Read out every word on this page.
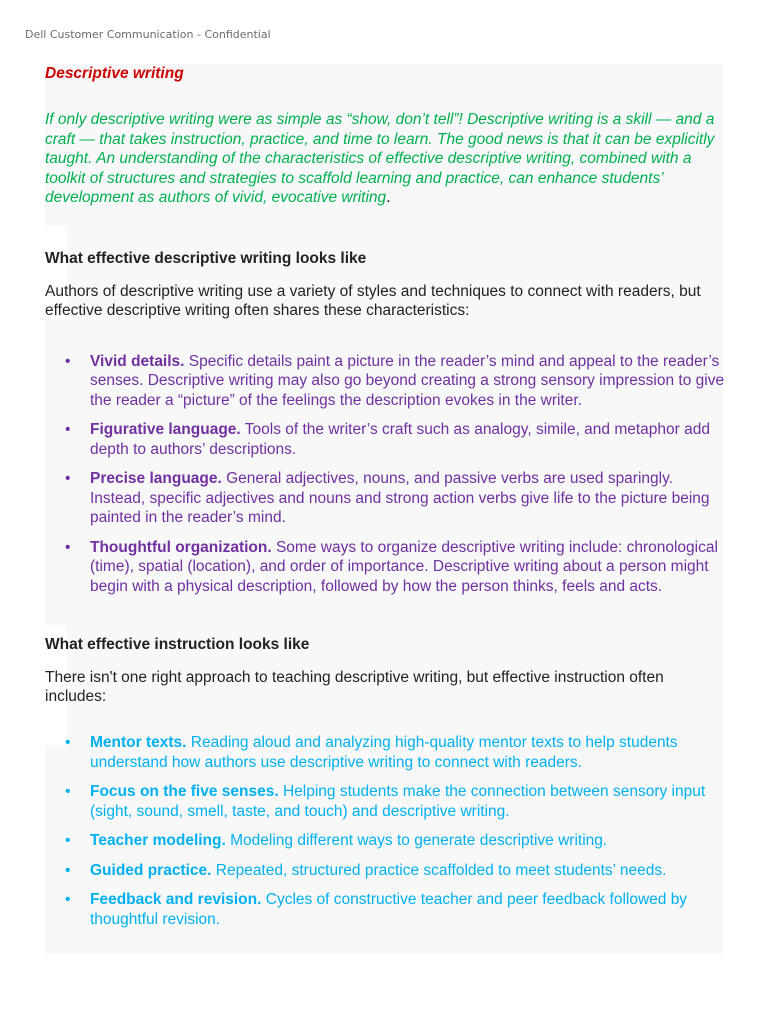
Dell Customer Communication - Confidential

Descriptive writing

If only descriptive writing were as simple as “show, don’t tell”! Descriptive writing is a skill — and a craft — that takes instruction, practice, and time to learn. The good news is that it can be explicitly taught. An understanding of the characteristics of effective descriptive writing, combined with a toolkit of structures and strategies to scaffold learning and practice, can enhance students’ development as authors of vivid, evocative writing.

What effective descriptive writing looks like

Authors of descriptive writing use a variety of styles and techniques to connect with readers, but effective descriptive writing often shares these characteristics:

• Vivid details. Specific details paint a picture in the reader’s mind and appeal to the reader’s senses. Descriptive writing may also go beyond creating a strong sensory impression to give the reader a “picture” of the feelings the description evokes in the writer.
• Figurative language. Tools of the writer’s craft such as analogy, simile, and metaphor add depth to authors’ descriptions.
• Precise language. General adjectives, nouns, and passive verbs are used sparingly. Instead, specific adjectives and nouns and strong action verbs give life to the picture being painted in the reader’s mind.
• Thoughtful organization. Some ways to organize descriptive writing include: chronological (time), spatial (location), and order of importance. Descriptive writing about a person might begin with a physical description, followed by how the person thinks, feels and acts.
What effective instruction looks like

There isn't one right approach to teaching descriptive writing, but effective instruction often includes:

• Mentor texts. Reading aloud and analyzing high-quality mentor texts to help students understand how authors use descriptive writing to connect with readers.
• Focus on the five senses. Helping students make the connection between sensory input (sight, sound, smell, taste, and touch) and descriptive writing.
• Teacher modeling. Modeling different ways to generate descriptive writing.
• Guided practice. Repeated, structured practice scaffolded to meet students’ needs.
• Feedback and revision. Cycles of constructive teacher and peer feedback followed by thoughtful revision.
